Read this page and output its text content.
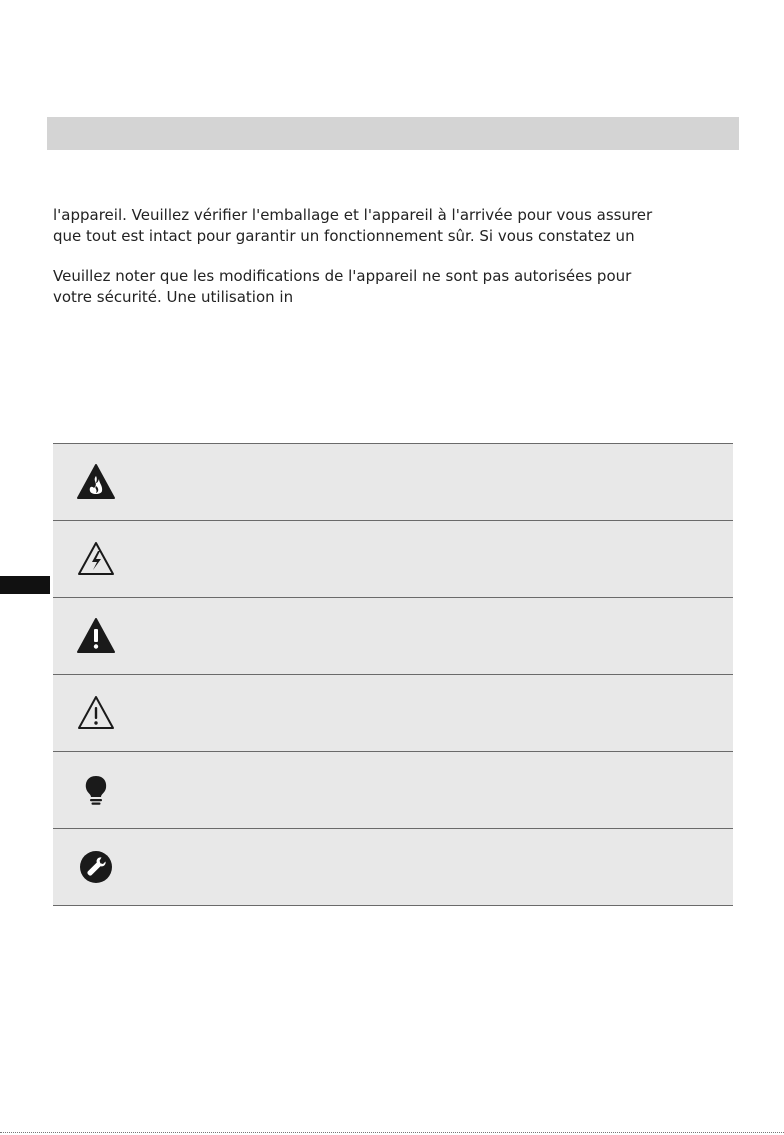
l'appareil. Veuillez vérifier l'emballage et l'appareil à l'arrivée pour vous assurer
que tout est intact pour garantir un fonctionnement sûr. Si vous constatez un

Veuillez noter que les modifications de l'appareil ne sont pas autorisées pour
votre sécurité. Une utilisation in
